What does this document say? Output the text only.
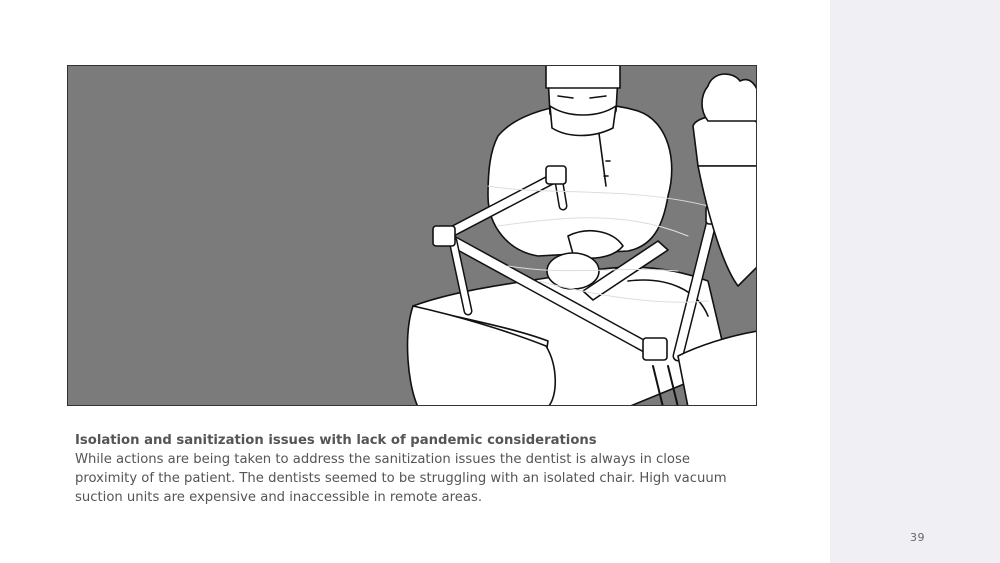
Isolation and sanitization issues with lack of pandemic considerations
While actions are being taken to address the sanitization issues the dentist is always in close proximity of the patient. The dentists seemed to be struggling with an isolated chair. High vacuum suction units are expensive and inaccessible in remote areas.
39
